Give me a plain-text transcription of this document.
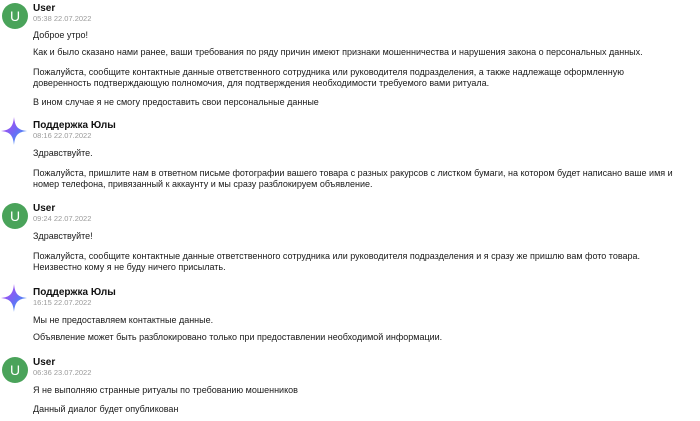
U	User
05:38 22.07.2022

Доброе утро!

Как и было сказано нами ранее, ваши требования по ряду причин имеют признаки мошенничества и нарушения закона о персональных данных.

Пожалуйста, сообщите контактные данные ответственного сотрудника или руководителя подразделения, а также надлежаще оформленную доверенность подтверждающую полномочия, для подтверждения необходимости требуемого вами ритуала.

В ином случае я не смогу предоставить свои персональные данные

Поддержка Юлы
08:16 22.07.2022

Здравствуйте.

Пожалуйста, пришлите нам в ответном письме фотографии вашего товара с разных ракурсов с листком бумаги, на котором будет написано ваше имя и номер телефона, привязанный к аккаунту и мы сразу разблокируем объявление.

U	User
09:24 22.07.2022

Здравствуйте!

Пожалуйста, сообщите контактные данные ответственного сотрудника или руководителя подразделения и я сразу же пришлю вам фото товара. Неизвестно кому я не буду ничего присылать.

Поддержка Юлы
16:15 22.07.2022

Мы не предоставляем контактные данные.

Объявление может быть разблокировано только при предоставлении необходимой информации.

U	User
06:36 23.07.2022

Я не выполняю странные ритуалы по требованию мошенников

Данный диалог будет опубликован
